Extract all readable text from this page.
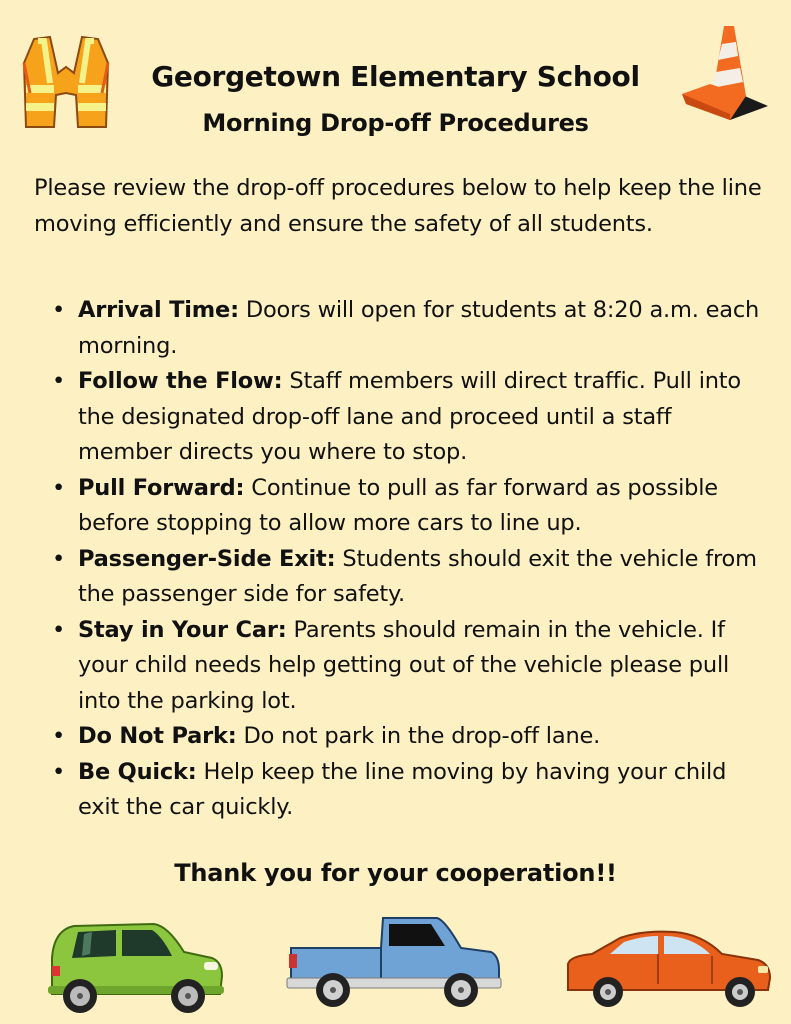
Georgetown Elementary School
Morning Drop-off Procedures
Please review the drop-off procedures below to help keep the line moving efficiently and ensure the safety of all students.
• Arrival Time: Doors will open for students at 8:20 a.m. each morning.
• Follow the Flow: Staff members will direct traffic. Pull into the designated drop-off lane and proceed until a staff member directs you where to stop.
• Pull Forward: Continue to pull as far forward as possible before stopping to allow more cars to line up.
• Passenger-Side Exit: Students should exit the vehicle from the passenger side for safety.
• Stay in Your Car: Parents should remain in the vehicle. If your child needs help getting out of the vehicle please pull into the parking lot.
• Do Not Park: Do not park in the drop-off lane.
• Be Quick: Help keep the line moving by having your child exit the car quickly.
Thank you for your cooperation!!
